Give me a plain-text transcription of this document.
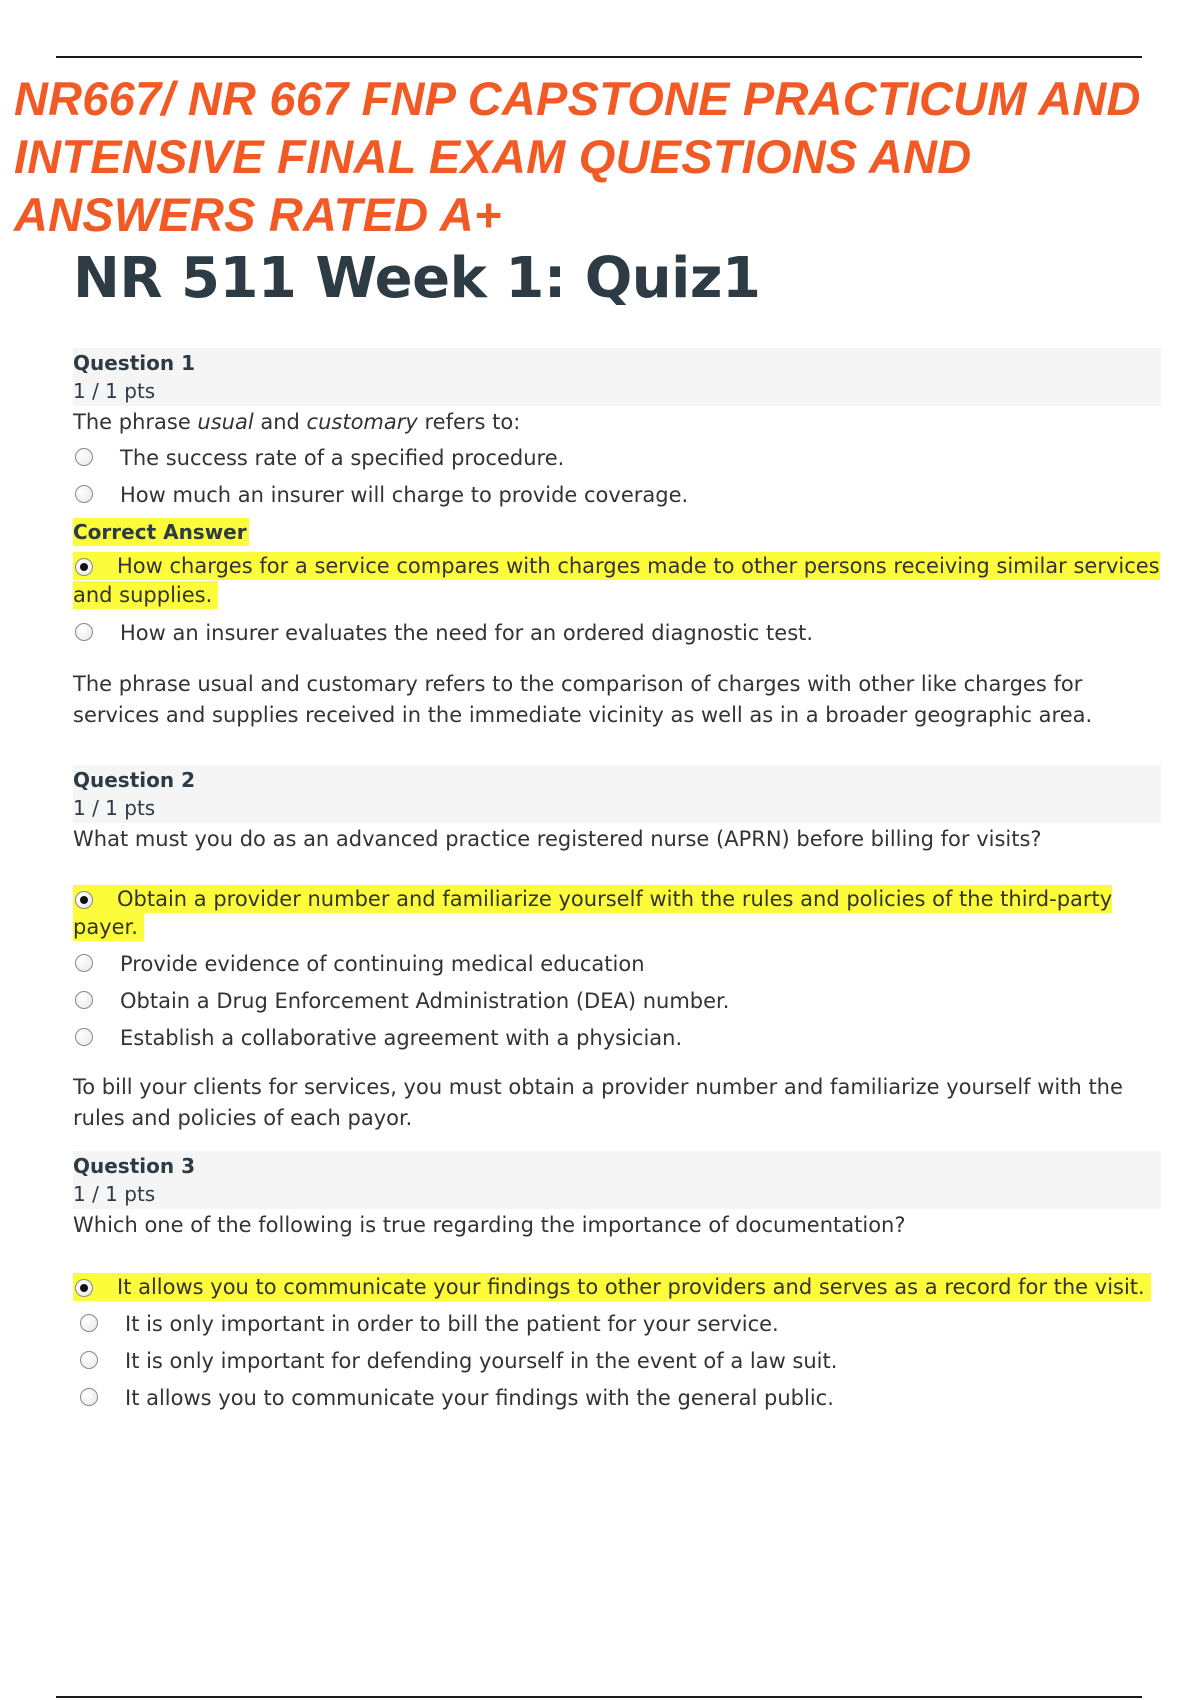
NR667/ NR 667 FNP CAPSTONE PRACTICUM AND INTENSIVE FINAL EXAM QUESTIONS AND ANSWERS RATED A+
NR 511 Week 1: Quiz1
Question 1
1 / 1 pts
The phrase usual and customary refers to:
The success rate of a specified procedure.
How much an insurer will charge to provide coverage.
Correct Answer
How charges for a service compares with charges made to other persons receiving similar services and supplies.
How an insurer evaluates the need for an ordered diagnostic test.
The phrase usual and customary refers to the comparison of charges with other like charges for services and supplies received in the immediate vicinity as well as in a broader geographic area.
Question 2
1 / 1 pts
What must you do as an advanced practice registered nurse (APRN) before billing for visits?
Obtain a provider number and familiarize yourself with the rules and policies of the third-party payer.
Provide evidence of continuing medical education
Obtain a Drug Enforcement Administration (DEA) number.
Establish a collaborative agreement with a physician.
To bill your clients for services, you must obtain a provider number and familiarize yourself with the rules and policies of each payor.
Question 3
1 / 1 pts
Which one of the following is true regarding the importance of documentation?
It allows you to communicate your findings to other providers and serves as a record for the visit.
It is only important in order to bill the patient for your service.
It is only important for defending yourself in the event of a law suit.
It allows you to communicate your findings with the general public.
